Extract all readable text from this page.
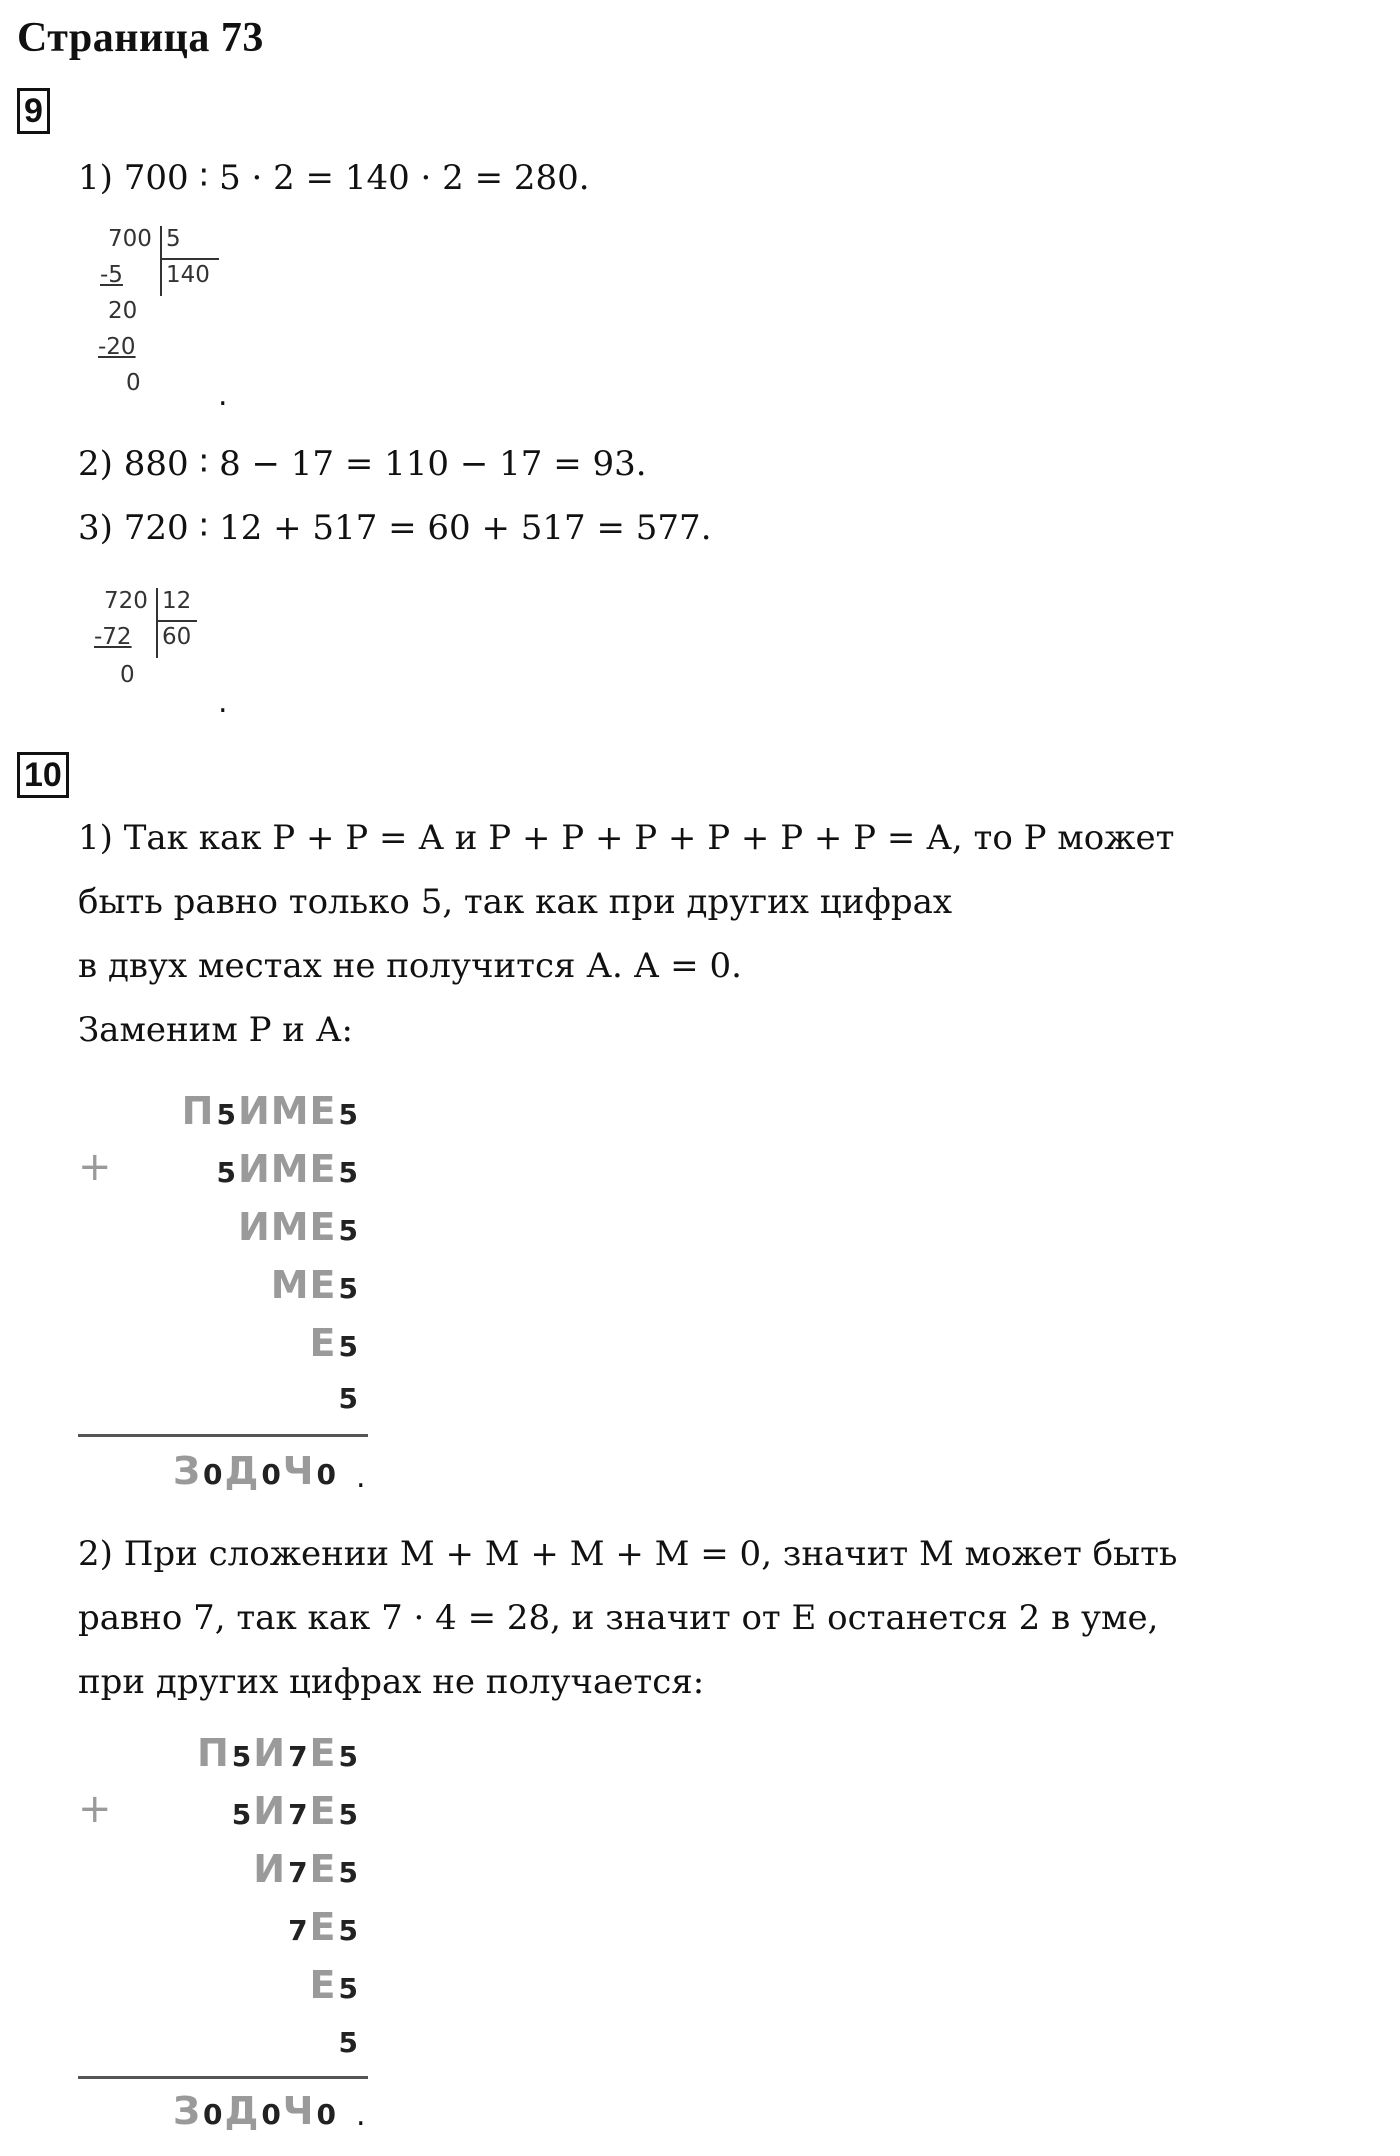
Страница 73
9
1) 700 ∶ 5 · 2 = 140 · 2 = 280.
700 5
-5 140
20
-20
0	.
2) 880 ∶ 8 − 17 = 110 − 17 = 93.
3) 720 ∶ 12 + 517 = 60 + 517 = 577.
720 12
-72 60
0
.
10
1) Так как Р + Р = А и Р + Р + Р + Р + Р + Р = А, то Р может
быть равно только 5, так как при других цифрах
в двух местах не получится А. А = 0.
Заменим Р и А:
П5ИМЕ5
+	5ИМЕ5
ИМЕ5
МЕ5
Е5
5
З0Д0Ч0 .
2) При сложении М + М + М + М = 0, значит М может быть
равно 7, так как 7 · 4 = 28, и значит от Е останется 2 в уме,
при других цифрах не получается:
П5И7Е5
+	5И7Е5
И7Е5
7Е5
Е5
5
З0Д0Ч0 .
